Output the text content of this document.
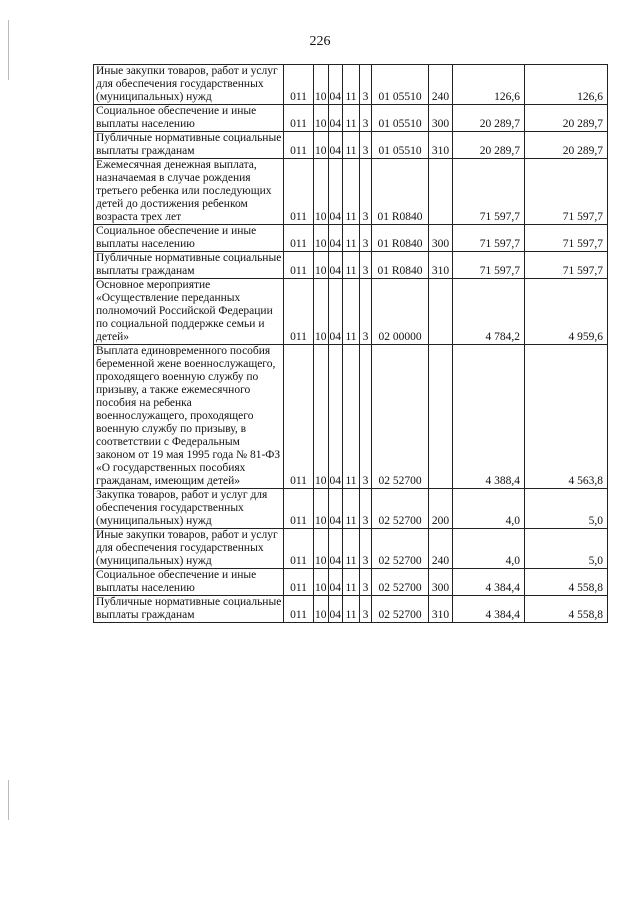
226
Иные закупки товаров, работ и услуг для обеспечения государственных (муниципальных) нужд	011	10	04	11	3	01 05510	240	126,6	126,6
Социальное обеспечение и иные выплаты населению	011	10	04	11	3	01 05510	300	20 289,7	20 289,7
Публичные нормативные социальные выплаты гражданам	011	10	04	11	3	01 05510	310	20 289,7	20 289,7
Ежемесячная денежная выплата, назначаемая в случае рождения третьего ребенка или последующих детей до достижения ребенком возраста трех лет	011	10	04	11	3	01 R0840		71 597,7	71 597,7
Социальное обеспечение и иные выплаты населению	011	10	04	11	3	01 R0840	300	71 597,7	71 597,7
Публичные нормативные социальные выплаты гражданам	011	10	04	11	3	01 R0840	310	71 597,7	71 597,7
Основное мероприятие «Осуществление переданных полномочий Российской Федерации по социальной поддержке семьи и детей»	011	10	04	11	3	02 00000		4 784,2	4 959,6
Выплата единовременного пособия беременной жене военнослужащего, проходящего военную службу по призыву, а также ежемесячного пособия на ребенка военнослужащего, проходящего военную службу по призыву, в соответствии с Федеральным законом от 19 мая 1995 года № 81-ФЗ «О государственных пособиях гражданам, имеющим детей»	011	10	04	11	3	02 52700		4 388,4	4 563,8
Закупка товаров, работ и услуг для обеспечения государственных (муниципальных) нужд	011	10	04	11	3	02 52700	200	4,0	5,0
Иные закупки товаров, работ и услуг для обеспечения государственных (муниципальных) нужд	011	10	04	11	3	02 52700	240	4,0	5,0
Социальное обеспечение и иные выплаты населению	011	10	04	11	3	02 52700	300	4 384,4	4 558,8
Публичные нормативные социальные выплаты гражданам	011	10	04	11	3	02 52700	310	4 384,4	4 558,8
